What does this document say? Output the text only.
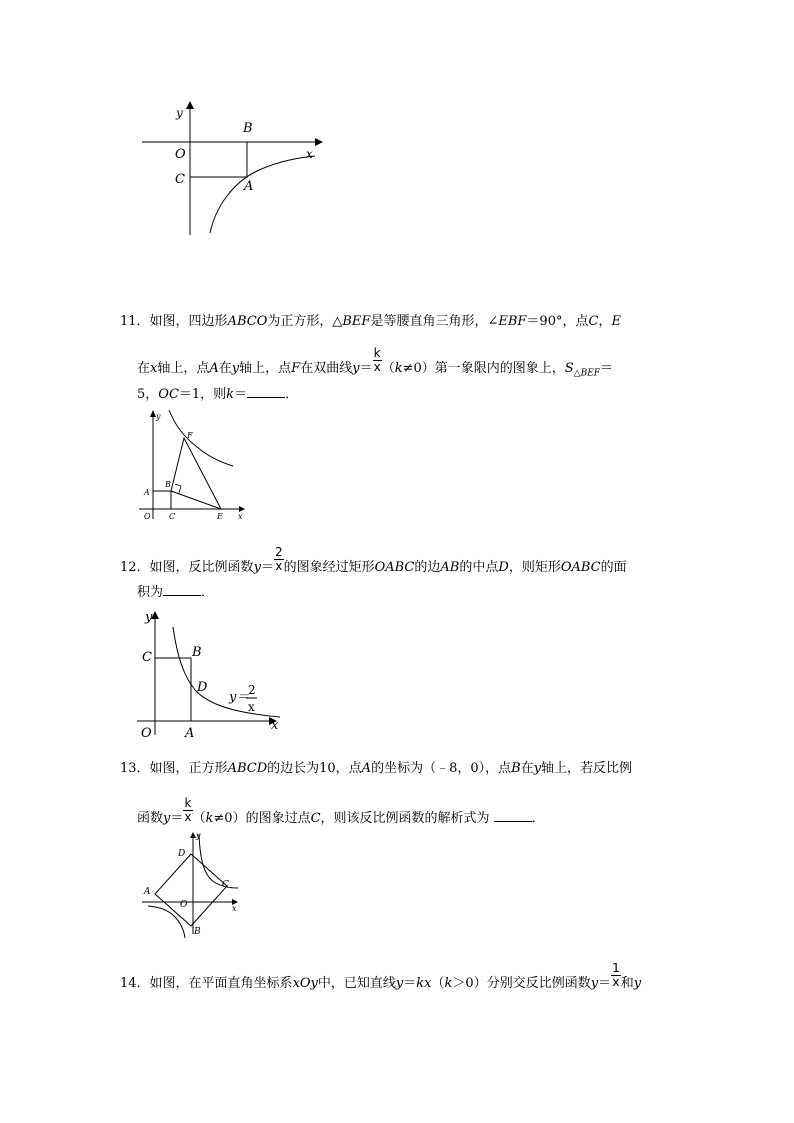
y
x
O
B
C	A
11．如图，四边形ABCO为正方形，△BEF是等腰直角三角形，∠EBF＝90°，点C，E
在x轴上，点A在y轴上，点F在双曲线$y= \frac{k}{x} (k\ne 0)$第一象限内的图象上，$S_{\triangle BEF}=$
5，OC＝1，则k＝	．
y
x
F
B
A
O C	E
12．如图，反比例函数$y= \frac{2}{x}$ 的图象经过矩形OABC的边AB的中点D，则矩形OABC的面
积为	．
y
x
C	B
D
O	A
y＝
2
x
13．如图，正方形ABCD的边长为10，点A的坐标为（﹣8，0），点B在y轴上，若反比例
函数$y= \frac{k}{x} (k\ne 0)$的图象过点C，则该反比例函数的解析式为	．
y
x
D
A
O
C
B
14．如图，在平面直角坐标系xOy中，已知直线y＝kx（k＞0）分别交反比例函数$y= \frac{1}{x}$ 和y
